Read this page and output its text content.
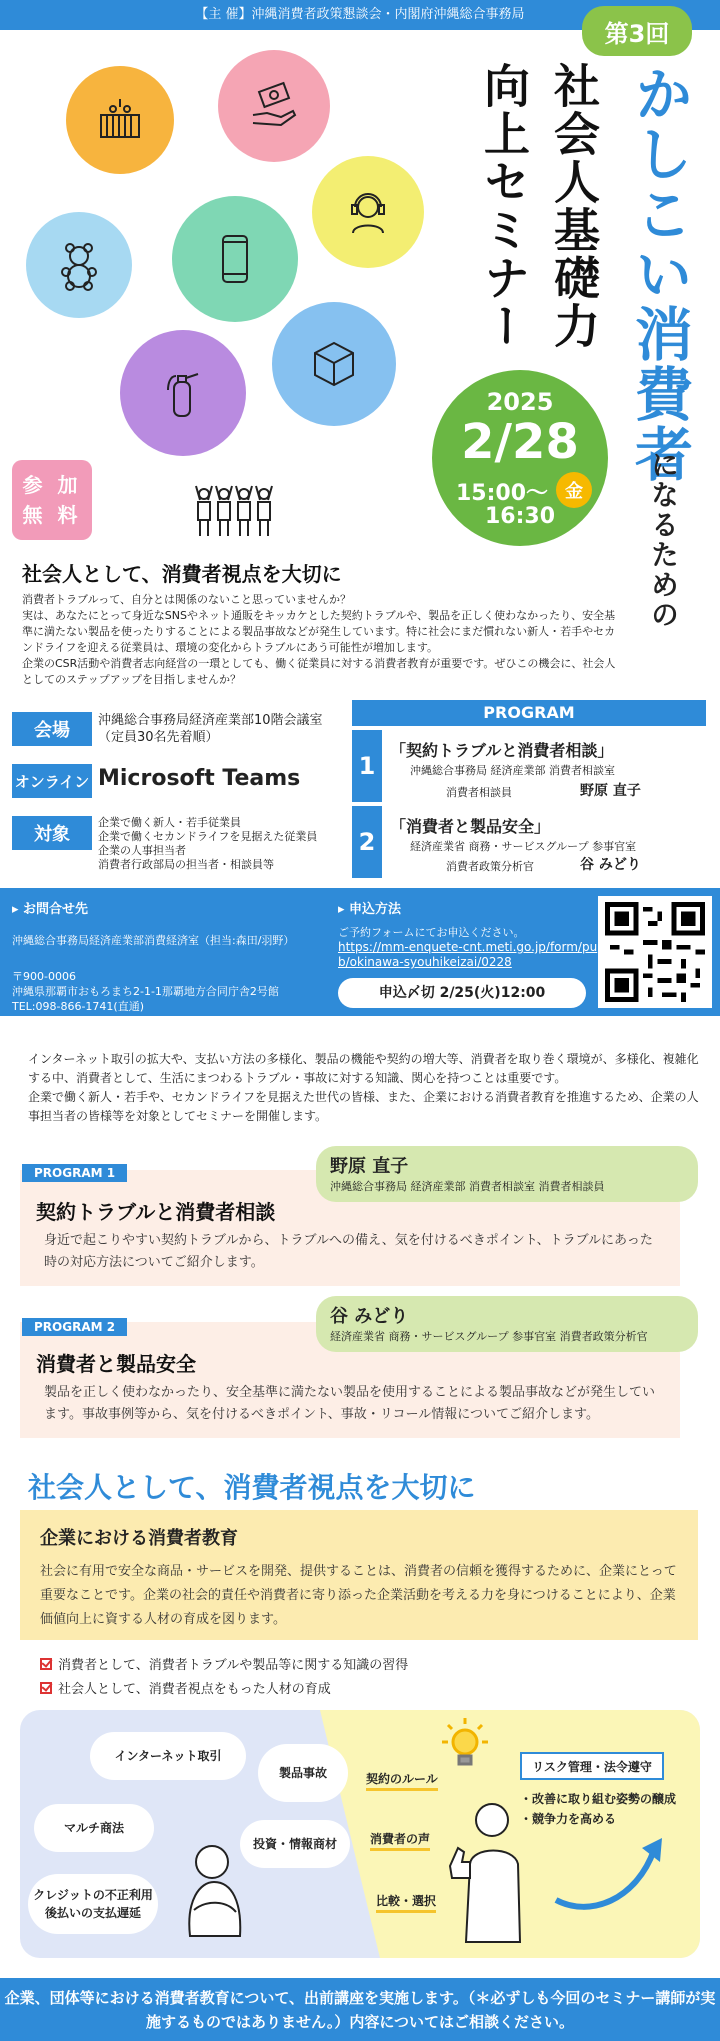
【主 催】沖縄消費者政策懇談会・内閣府沖縄総合事務局
第3回
かしこい消費者
になるための
社会人基礎力
向上セミナー
2025
2/28
15:00～ 金
16:30
参 加
無 料
社会人として、消費者視点を大切に
消費者トラブルって、自分とは関係のないこと思っていませんか？
実は、あなたにとって身近なSNSやネット通販をキッカケとした契約トラブルや、製品を正しく使わなかったり、安全基準に満たない製品を使ったりすることによる製品事故などが発生しています。特に社会にまだ慣れない新人・若手やセカンドライフを迎える従業員は、環境の変化からトラブルにあう可能性が増加します。
企業のCSR活動や消費者志向経営の一環としても、働く従業員に対する消費者教育が重要です。ぜひこの機会に、社会人としてのステップアップを目指しませんか？
会場	沖縄総合事務局経済産業部10階会議室
（定員30名先着順）
オンライン Microsoft Teams
対象
企業で働く新人・若手従業員
企業で働くセカンドライフを見据えた従業員
企業の人事担当者
消費者行政部局の担当者・相談員等
PROGRAM
1
「契約トラブルと消費者相談」
沖縄総合事務局 経済産業部 消費者相談室
消費者相談員	野原 直子
2
「消費者と製品安全」
経済産業省 商務・サービスグループ 参事官室
消費者政策分析官	谷 みどり
▸ お問合せ先
沖縄総合事務局経済産業部消費経済室（担当:森田/羽野）
〒900-0006
沖縄県那覇市おもろまち2-1-1那覇地方合同庁舎2号館
TEL:098-866-1741(直通)
▸ 申込方法
ご予約フォームにてお申込ください。
https://mm-enquete-cnt.meti.go.jp/form/pub/okinawa-syouhikeizai/0228
申込〆切 2/25(火)12:00
インターネット取引の拡大や、支払い方法の多様化、製品の機能や契約の増大等、消費者を取り巻く環境が、多様化、複雑化する中、消費者として、生活にまつわるトラブル・事故に対する知識、関心を持つことは重要です。
企業で働く新人・若手や、セカンドライフを見据えた世代の皆様、また、企業における消費者教育を推進するため、企業の人事担当者の皆様等を対象としてセミナーを開催します。
PROGRAM 1	野原 直子
沖縄総合事務局 経済産業部 消費者相談室 消費者相談員
契約トラブルと消費者相談
身近で起こりやすい契約トラブルから、トラブルへの備え、気を付けるべきポイント、トラブルにあった時の対応方法についてご紹介します。
PROGRAM 2	谷 みどり
経済産業省 商務・サービスグループ 参事官室 消費者政策分析官
消費者と製品安全
製品を正しく使わなかったり、安全基準に満たない製品を使用することによる製品事故などが発生しています。事故事例等から、気を付けるべきポイント、事故・リコール情報についてご紹介します。
社会人として、消費者視点を大切に
企業における消費者教育
社会に有用で安全な商品・サービスを開発、提供することは、消費者の信頼を獲得するために、企業にとって重要なことです。企業の社会的責任や消費者に寄り添った企業活動を考える力を身につけることにより、企業価値向上に資する人材の育成を図ります。
消費者として、消費者トラブルや製品等に関する知識の習得
社会人として、消費者視点をもった人材の育成
インターネット取引
製品事故
マルチ商法
投資・情報商材
クレジットの不正利用
後払いの支払遅延
契約のルール
消費者の声
比較・選択
リスク管理・法令遵守
・改善に取り組む姿勢の醸成
・競争力を高める
企業、団体等における消費者教育について、出前講座を実施します。（＊必ずしも今回のセミナー講師が実施するものではありません。）内容についてはご相談ください。
